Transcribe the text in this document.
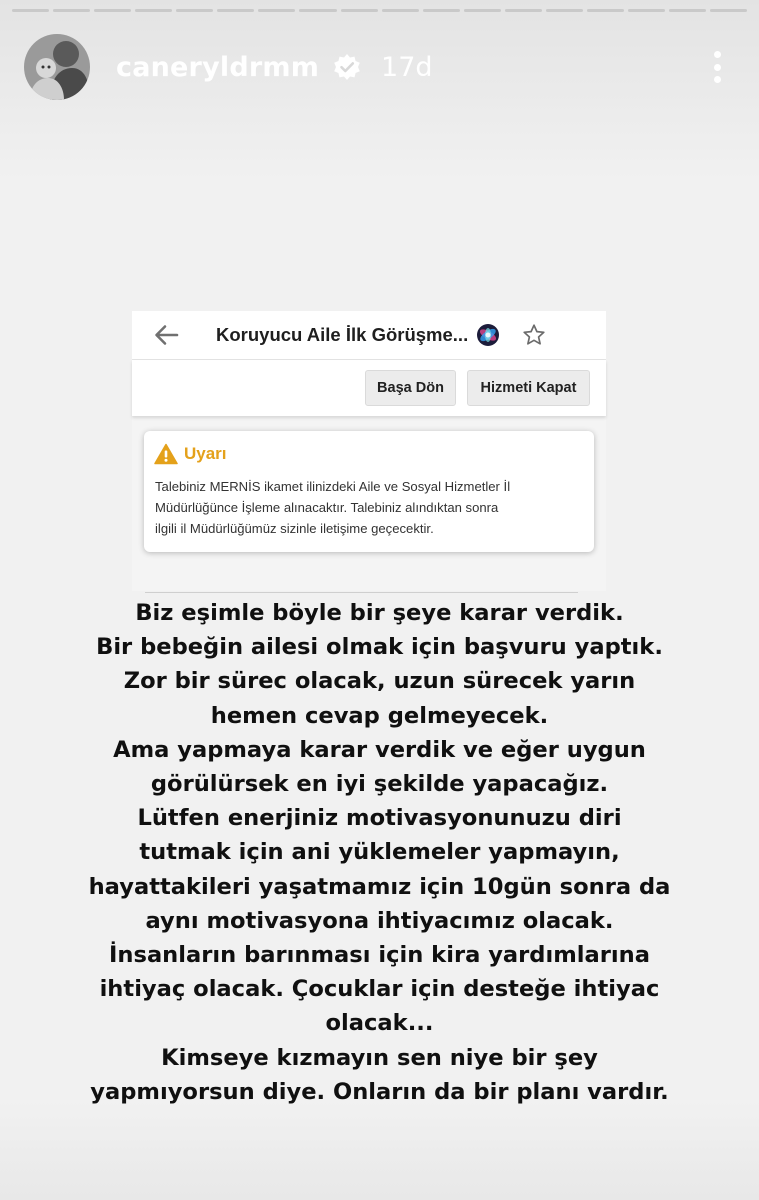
caneryldrmm 17d
Koruyucu Aile İlk Görüşme...
Başa Dön	Hizmeti Kapat
Uyarı
Talebiniz MERNİS ikamet ilinizdeki Aile ve Sosyal Hizmetler İl
Müdürlüğünce İşleme alınacaktır. Talebiniz alındıktan sonra
ilgili il Müdürlüğümüz sizinle iletişime geçecektir.
Biz eşimle böyle bir şeye karar verdik.
Bir bebeğin ailesi olmak için başvuru yaptık.
Zor bir sürec olacak, uzun sürecek yarın
hemen cevap gelmeyecek.
Ama yapmaya karar verdik ve eğer uygun
görülürsek en iyi şekilde yapacağız.
Lütfen enerjiniz motivasyonunuzu diri
tutmak için ani yüklemeler yapmayın,
hayattakileri yaşatmamız için 10gün sonra da
aynı motivasyona ihtiyacımız olacak.
İnsanların barınması için kira yardımlarına
ihtiyaç olacak. Çocuklar için desteğe ihtiyac
olacak...
Kimseye kızmayın sen niye bir şey
yapmıyorsun diye. Onların da bir planı vardır.
